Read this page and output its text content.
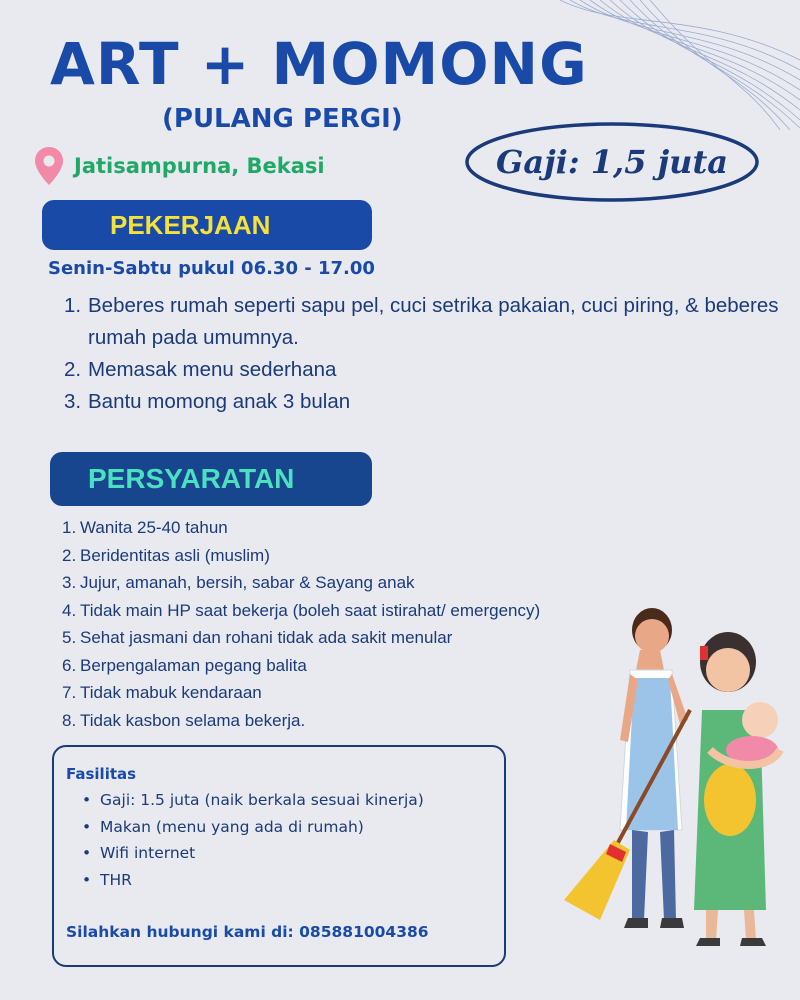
ART + MOMONG
(PULANG PERGI)
Jatisampurna, Bekasi	Gaji: 1,5 juta
PEKERJAAN
Senin-Sabtu pukul 06.30 - 17.00
1. Beberes rumah seperti sapu pel, cuci setrika pakaian, cuci piring, & beberes rumah pada umumnya.
2. Memasak menu sederhana
3. Bantu momong anak 3 bulan
PERSYARATAN
1. Wanita 25-40 tahun
2. Beridentitas asli (muslim)
3. Jujur, amanah, bersih, sabar & Sayang anak
4. Tidak main HP saat bekerja (boleh saat istirahat/ emergency)
5. Sehat jasmani dan rohani tidak ada sakit menular
6. Berpengalaman pegang balita
7. Tidak mabuk kendaraan
8. Tidak kasbon selama bekerja.
Fasilitas
• Gaji: 1.5 juta (naik berkala sesuai kinerja)
• Makan (menu yang ada di rumah)
• Wifi internet
• THR
Silahkan hubungi kami di: 085881004386
